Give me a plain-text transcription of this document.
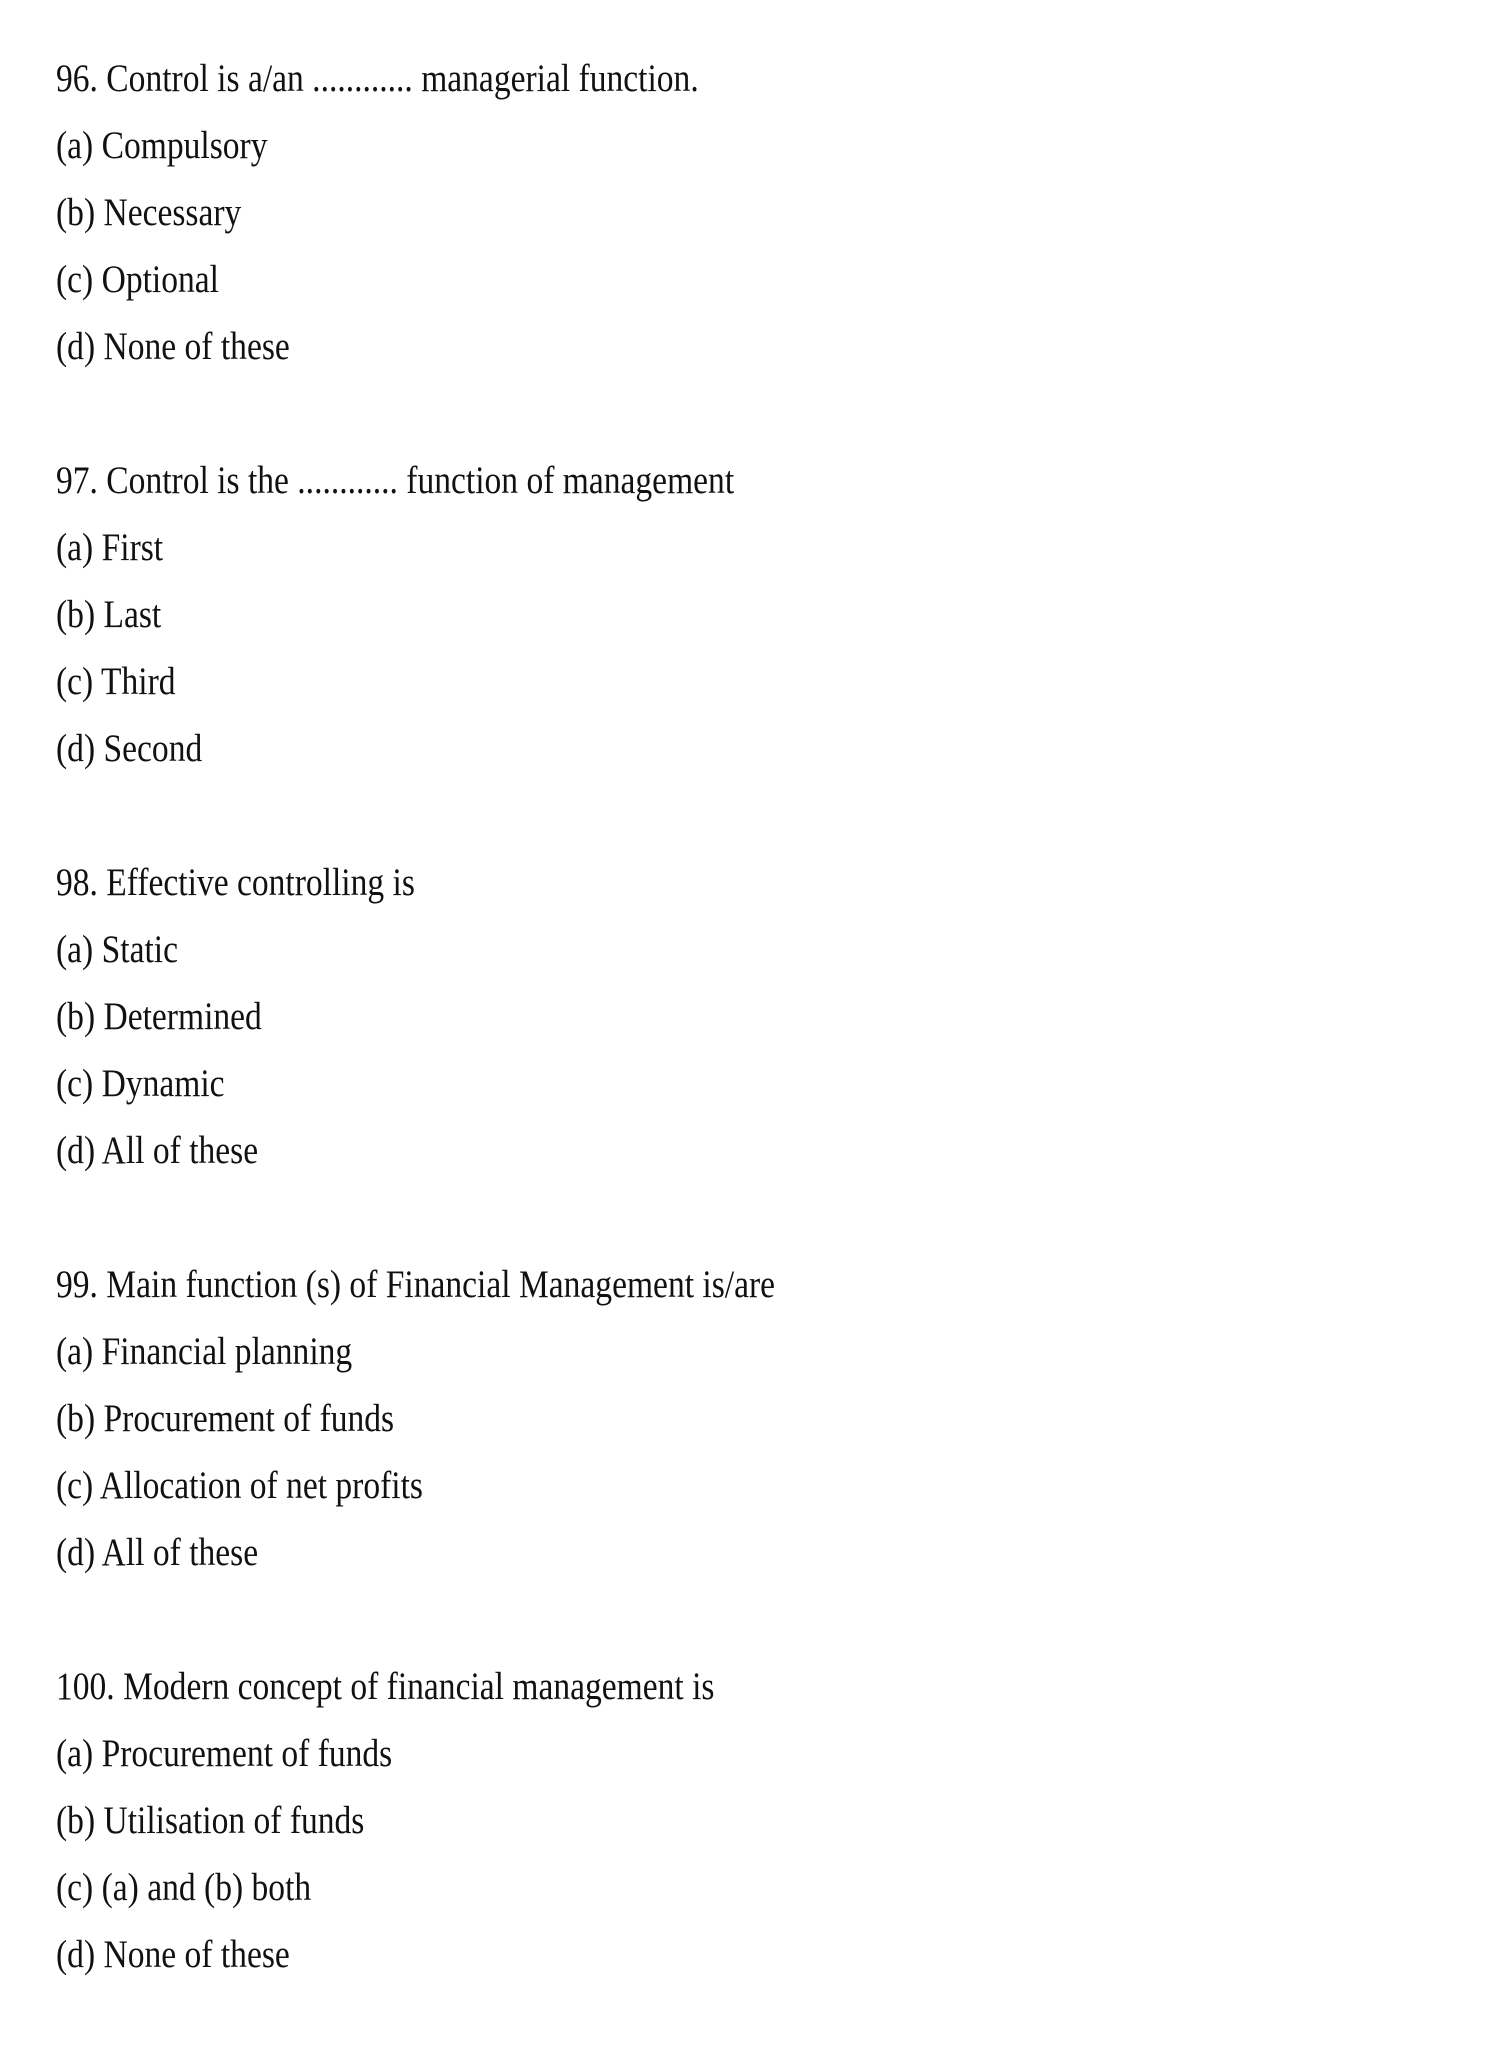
96. Control is a/an ............ managerial function.
(a) Compulsory
(b) Necessary
(c) Optional
(d) None of these
97. Control is the ............ function of management
(a) First
(b) Last
(c) Third
(d) Second
98. Effective controlling is
(a) Static
(b) Determined
(c) Dynamic
(d) All of these
99. Main function (s) of Financial Management is/are
(a) Financial planning
(b) Procurement of funds
(c) Allocation of net profits
(d) All of these
100. Modern concept of financial management is
(a) Procurement of funds
(b) Utilisation of funds
(c) (a) and (b) both
(d) None of these
